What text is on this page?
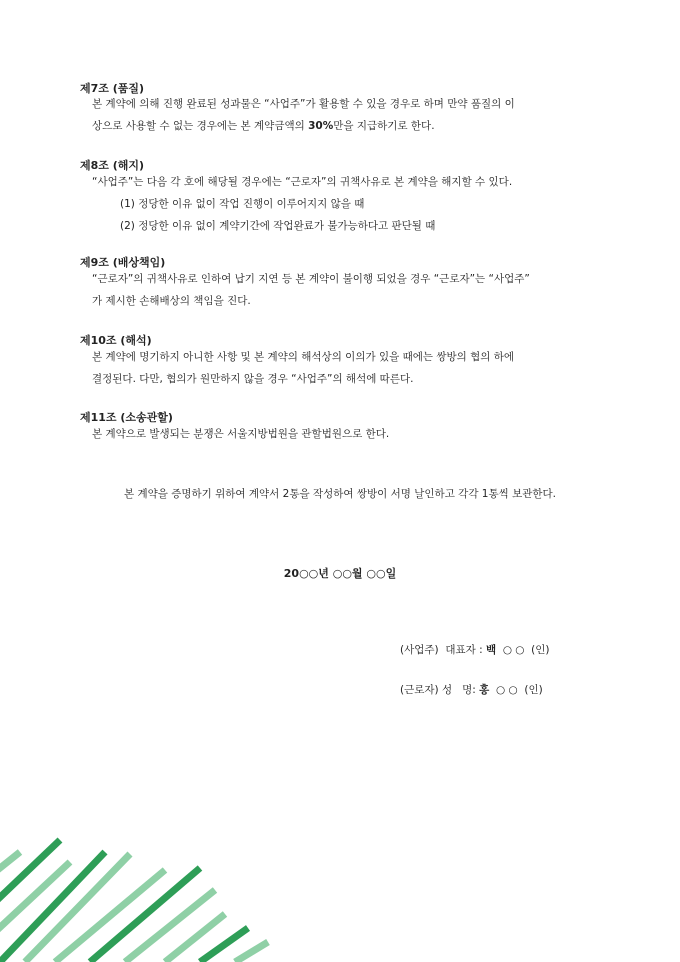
제7조 (품질)
본 계약에 의해 진행 완료된 성과물은 “사업주”가 활용할 수 있을 경우로 하며 만약 품질의 이
상으로 사용할 수 없는 경우에는 본 계약금액의 30%만을 지급하기로 한다.
제8조 (해지)
“사업주”는 다음 각 호에 해당될 경우에는 “근로자”의 귀책사유로 본 계약을 해지할 수 있다.
(1) 정당한 이유 없이 작업 진행이 이루어지지 않을 때
(2) 정당한 이유 없이 계약기간에 작업완료가 불가능하다고 판단될 때
제9조 (배상책임)
“근로자”의 귀책사유로 인하여 납기 지연 등 본 계약이 불이행 되었을 경우 “근로자”는 “사업주”
가 제시한 손해배상의 책임을 진다.
제10조 (해석)
본 계약에 명기하지 아니한 사항 및 본 계약의 해석상의 이의가 있을 때에는 쌍방의 협의 하에
결정된다. 다만, 협의가 원만하지 않을 경우 “사업주”의 해석에 따른다.
제11조 (소송관할)
본 계약으로 발생되는 분쟁은 서울지방법원을 관할법원으로 한다.
본 계약을 증명하기 위하여 계약서 2통을 작성하여 쌍방이 서명 날인하고 각각 1통씩 보관한다.
20○○년 ○○월 ○○일
(사업주) 대표자 : 백 ○ ○ (인)
(근로자) 성   명: 홍 ○ ○ (인)
